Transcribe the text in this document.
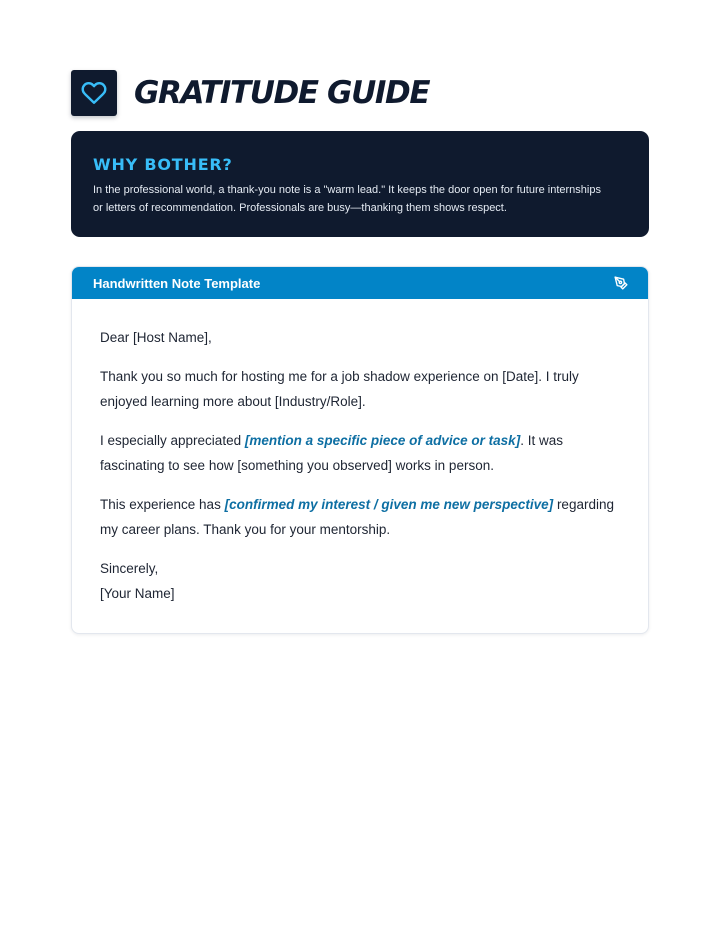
GRATITUDE GUIDE
WHY BOTHER?

In the professional world, a thank-you note is a "warm lead." It keeps the door open for future internships
or letters of recommendation. Professionals are busy—thanking them shows respect.

Handwritten Note Template

Dear [Host Name],

Thank you so much for hosting me for a job shadow experience on [Date]. I truly enjoyed learning more about [Industry/Role].

I especially appreciated [mention a specific piece of advice or task]. It was fascinating to see how [something you observed] works in person.

This experience has [confirmed my interest / given me new perspective] regarding my career plans. Thank you for your mentorship.

Sincerely,

[Your Name]
